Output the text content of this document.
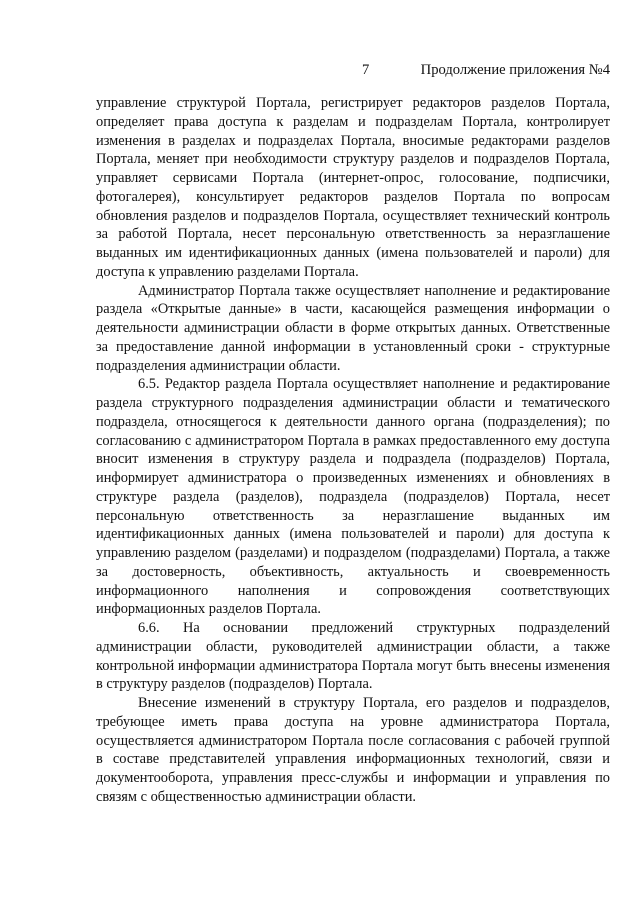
7	Продолжение приложения №4

управление структурой Портала, регистрирует редакторов разделов Портала, определяет права доступа к разделам и подразделам Портала, контролирует изменения в разделах и подразделах Портала, вносимые редакторами разделов Портала, меняет при необходимости структуру разделов и подразделов Портала, управляет сервисами Портала (интернет-опрос, голосование, подписчики, фотогалерея), консультирует редакторов разделов Портала по вопросам обновления разделов и подразделов Портала, осуществляет технический контроль за работой Портала, несет персональную ответственность за неразглашение выданных им идентификационных данных (имена пользователей и пароли) для доступа к управлению разделами Портала.

Администратор Портала также осуществляет наполнение и редактирование раздела «Открытые данные» в части, касающейся размещения информации о деятельности администрации области в форме открытых данных. Ответственные за предоставление данной информации в установленный сроки - структурные подразделения администрации области.

6.5. Редактор раздела Портала осуществляет наполнение и редактирование раздела структурного подразделения администрации области и тематического подраздела, относящегося к деятельности данного органа (подразделения); по согласованию с администратором Портала в рамках предоставленного ему доступа вносит изменения в структуру раздела и подраздела (подразделов) Портала, информирует администратора о произведенных изменениях и обновлениях в структуре раздела (разделов), подраздела (подразделов) Портала, несет персональную ответственность за неразглашение выданных им идентификационных данных (имена пользователей и пароли) для доступа к управлению разделом (разделами) и подразделом (подразделами) Портала, а также за достоверность, объективность, актуальность и своевременность информационного наполнения и сопровождения соответствующих информационных разделов Портала.

6.6. На основании предложений структурных подразделений администрации области, руководителей администрации области, а также контрольной информации администратора Портала могут быть внесены изменения в структуру разделов (подразделов) Портала.

Внесение изменений в структуру Портала, его разделов и подразделов, требующее иметь права доступа на уровне администратора Портала, осуществляется администратором Портала после согласования с рабочей группой в составе представителей управления информационных технологий, связи и документооборота, управления пресс-службы и информации и управления по связям с общественностью администрации области.
